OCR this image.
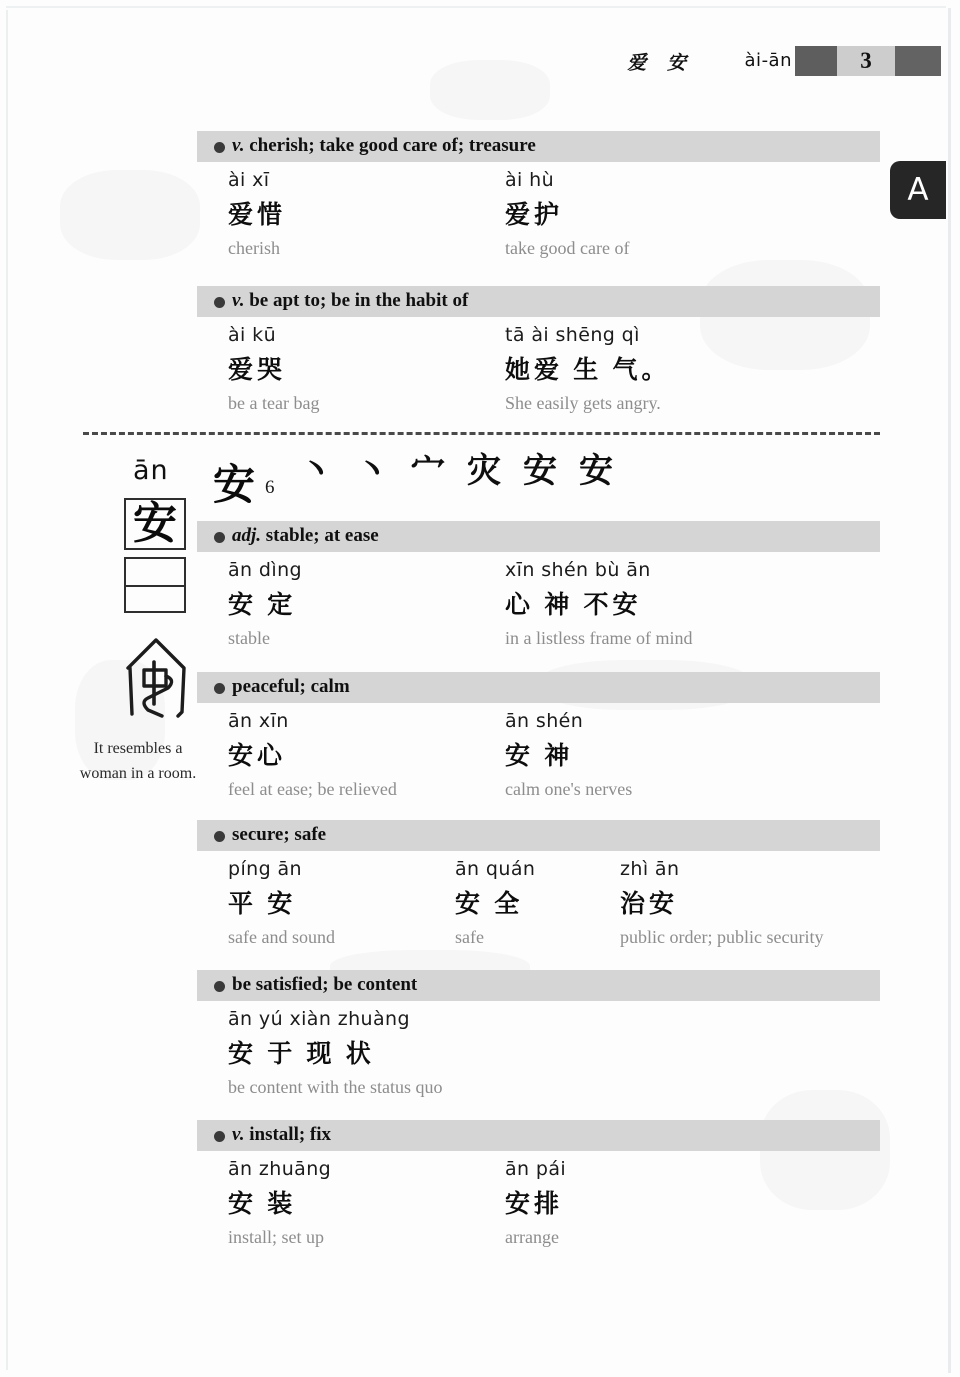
爱 安	ài-ān	3
A
v. cherish; take good care of; treasure
ài xī
爱惜
cherish
ài hù
爱护
take good care of
v. be apt to; be in the habit of
ài kū
爱哭
be a tear bag
tā ài shēng qì
她爱 生 气。
She easily gets angry.
adj. stable; at ease
ān dìng
安 定
stable
xīn shén bù ān
心 神 不安
in a listless frame of mind
peaceful; calm
ān xīn
安心
feel at ease; be relieved
ān shén
安 神
calm one's nerves
secure; safe
píng ān
平 安
safe and sound
ān quán
安 全
safe
zhì ān
治安
public order; public security
be satisfied; be content
ān yú xiàn zhuàng
安 于 现 状
be content with the status quo
v. install; fix
ān zhuāng
安 装
install; set up
ān pái
安排
arrange
ān 安 6 丶 丶 宀 灾 安 安
安
It resembles a woman in a room.
